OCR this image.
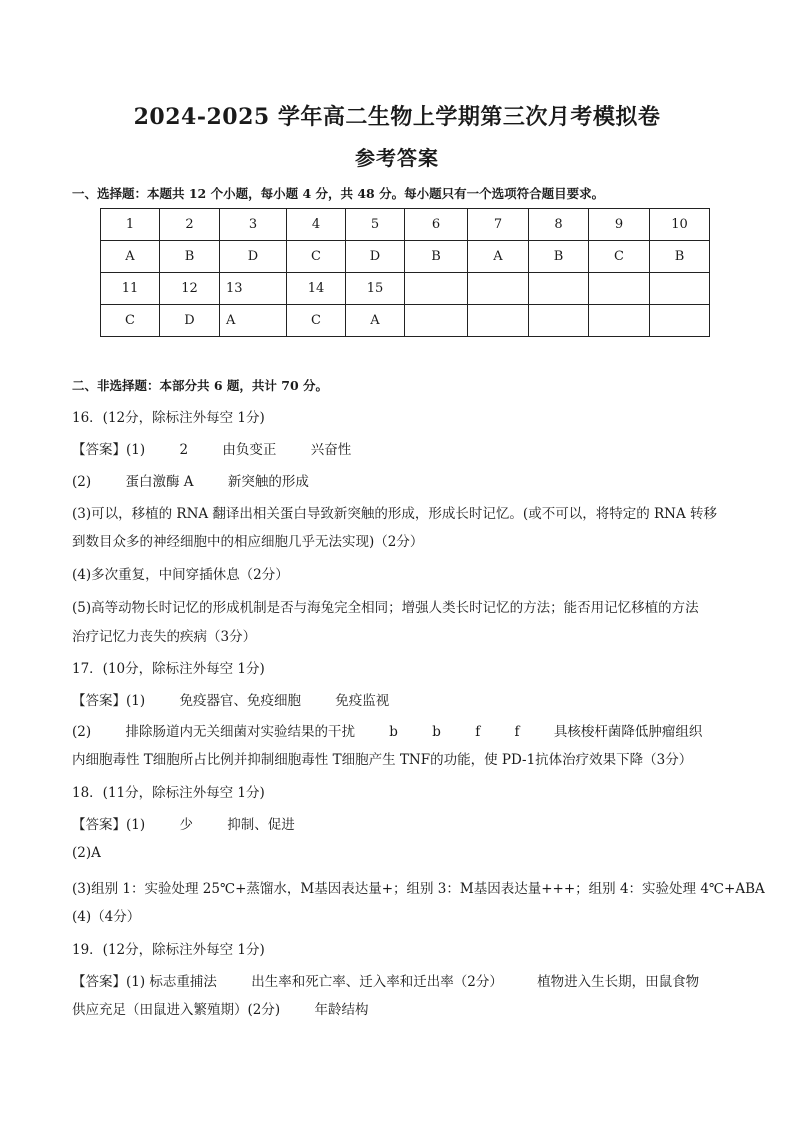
2024-2025 学年高二生物上学期第三次月考模拟卷
参考答案
一、选择题：本题共 12 个小题，每小题 4 分，共 48 分。每小题只有一个选项符合题目要求。
1	2	3	4	5	6	7	8	9	10
A	B	D	C	D	B	A	B	C	B
11	12	13	14	15					
C	D	A	C	A					
二、非选择题：本部分共 6 题，共计 70 分。
16．(12分，除标注外每空 1分)
【答案】(1)        2        由负变正        兴奋性
(2)        蛋白激酶 A        新突触的形成
(3)可以，移植的 RNA 翻译出相关蛋白导致新突触的形成，形成长时记忆。(或不可以，将特定的 RNA 转移
到数目众多的神经细胞中的相应细胞几乎无法实现)（2分）
(4)多次重复，中间穿插休息（2分）
(5)高等动物长时记忆的形成机制是否与海兔完全相同；增强人类长时记忆的方法；能否用记忆移植的方法
治疗记忆力丧失的疾病（3分）
17．(10分，除标注外每空 1分)
【答案】(1)        免疫器官、免疫细胞        免疫监视
(2)        排除肠道内无关细菌对实验结果的干扰        b        b        f        f        具核梭杆菌降低肿瘤组织
内细胞毒性 T细胞所占比例并抑制细胞毒性 T细胞产生 TNF的功能，使 PD-1抗体治疗效果下降（3分）
18．(11分，除标注外每空 1分)
【答案】(1)        少        抑制、促进
(2)A
(3)组别 1：实验处理 25℃+蒸馏水，M基因表达量+；组别 3：M基因表达量+++；组别 4：实验处理 4℃+ABA
(4)（4分）
19．(12分，除标注外每空 1分)
【答案】(1) 标志重捕法        出生率和死亡率、迁入率和迁出率（2分）        植物进入生长期，田鼠食物
供应充足（田鼠进入繁殖期）(2分)        年龄结构
